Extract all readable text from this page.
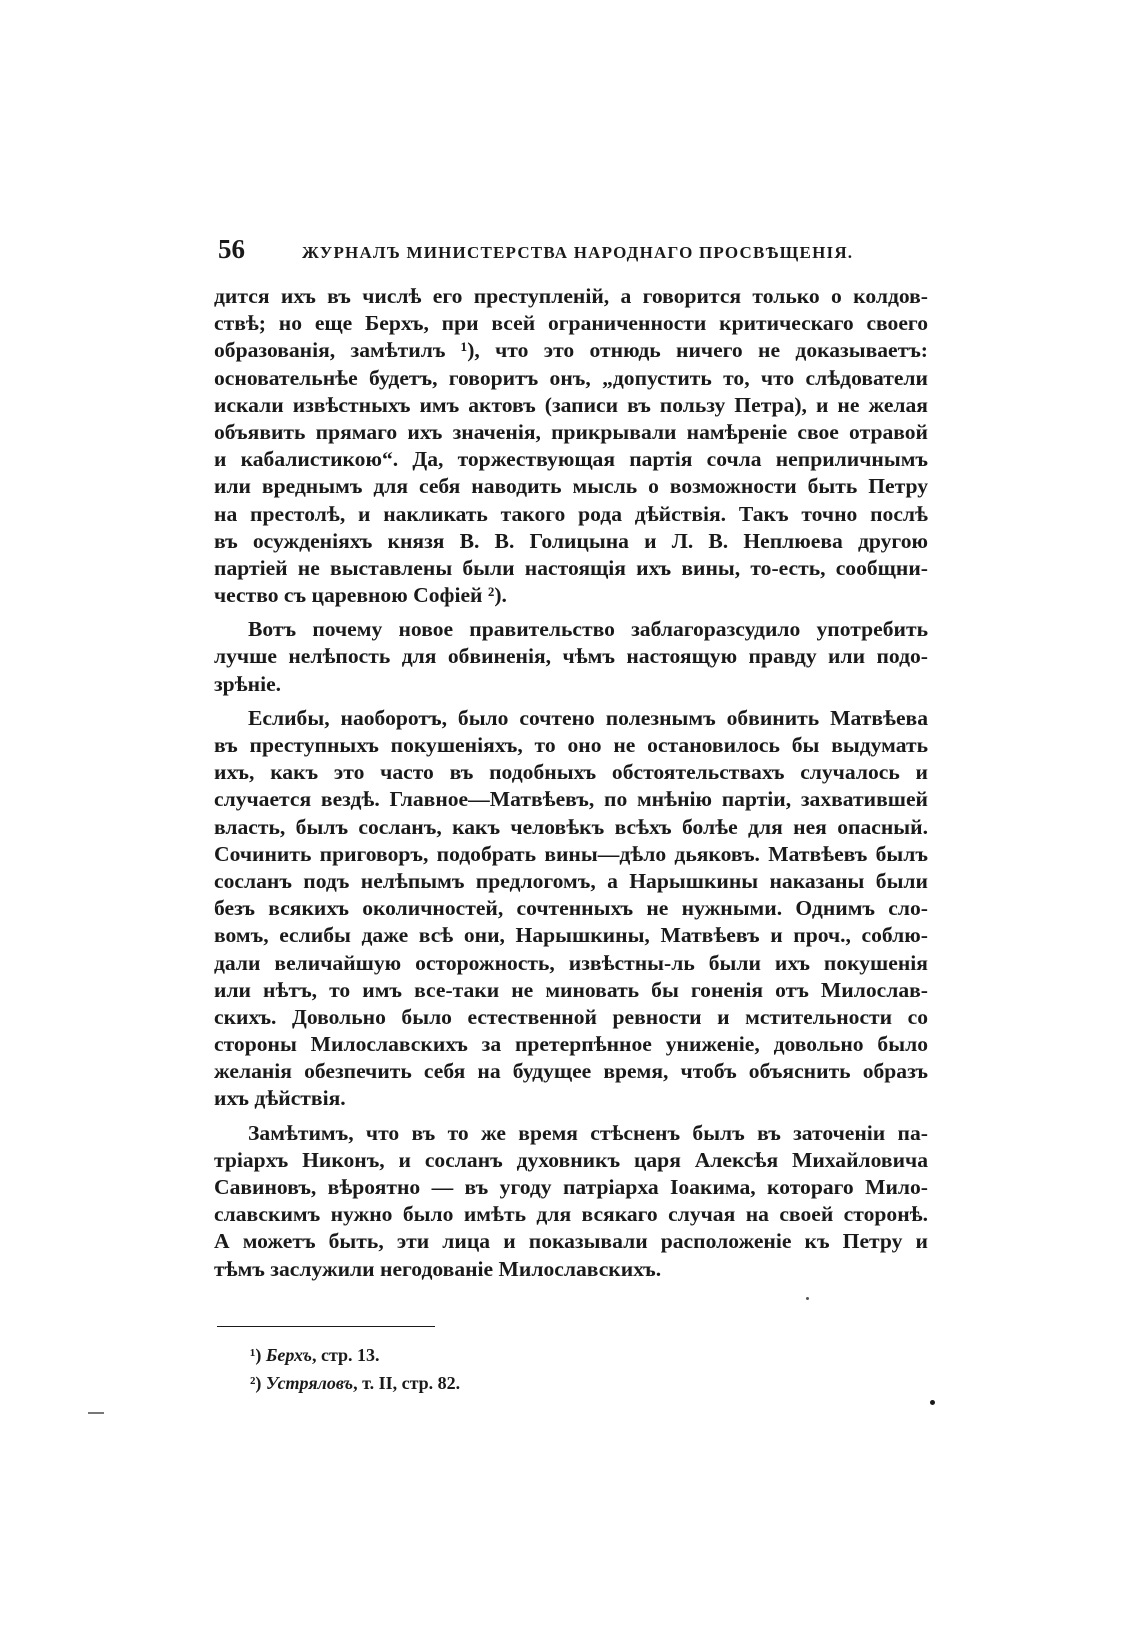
56	ЖУРНАЛЪ МИНИСТЕРСТВА НАРОДНАГО ПРОСВѢЩЕНІЯ.

дится ихъ въ числѣ его преступленій, а говорится только о колдов-
ствѣ; но еще Берхъ, при всей ограниченности критическаго своего
образованія, замѣтилъ ¹), что это отнюдь ничего не доказываетъ:
основательнѣе будетъ, говоритъ онъ, „допустить то, что слѣдователи
искали извѣстныхъ имъ актовъ (записи въ пользу Петра), и не желая
объявить прямаго ихъ значенія, прикрывали намѣреніе свое отравой
и кабалистикою“. Да, торжествующая партія сочла неприличнымъ
или вреднымъ для себя наводить мысль о возможности быть Петру
на престолѣ, и накликать такого рода дѣйствія. Такъ точно послѣ
въ осужденіяхъ князя В. В. Голицына и Л. В. Неплюева другою
партіей не выставлены были настоящія ихъ вины, то-есть, сообщни-
чество съ царевною Софіей ²).

Вотъ почему новое правительство заблагоразсудило употребить
лучше нелѣпость для обвиненія, чѣмъ настоящую правду или подо-
зрѣніе.

Еслибы, наоборотъ, было сочтено полезнымъ обвинить Матвѣева
въ преступныхъ покушеніяхъ, то оно не остановилось бы выдумать
ихъ, какъ это часто въ подобныхъ обстоятельствахъ случалось и
случается вездѣ. Главное—Матвѣевъ, по мнѣнію партіи, захватившей
власть, былъ сосланъ, какъ человѣкъ всѣхъ болѣе для нея опасный.
Сочинить приговоръ, подобрать вины—дѣло дьяковъ. Матвѣевъ былъ
сосланъ подъ нелѣпымъ предлогомъ, а Нарышкины наказаны были
безъ всякихъ околичностей, сочтенныхъ не нужными. Однимъ сло-
вомъ, еслибы даже всѣ они, Нарышкины, Матвѣевъ и проч., соблю-
дали величайшую осторожность, извѣстны-ль были ихъ покушенія
или нѣтъ, то имъ все-таки не миновать бы гоненія отъ Милослав-
скихъ. Довольно было естественной ревности и мстительности со
стороны Милославскихъ за претерпѣнное униженіе, довольно было
желанія обезпечить себя на будущее время, чтобъ объяснить образъ
ихъ дѣйствія.

Замѣтимъ, что въ то же время стѣсненъ былъ въ заточеніи па-
тріархъ Никонъ, и сосланъ духовникъ царя Алексѣя Михайловича
Савиновъ, вѣроятно — въ угоду патріарха Іоакима, котораго Мило-
славскимъ нужно было имѣть для всякаго случая на своей сторонѣ.
А можетъ быть, эти лица и показывали расположеніе къ Петру и
тѣмъ заслужили негодованіе Милославскихъ.

¹) Берхъ, стр. 13.
²) Устряловъ, т. II, стр. 82.
